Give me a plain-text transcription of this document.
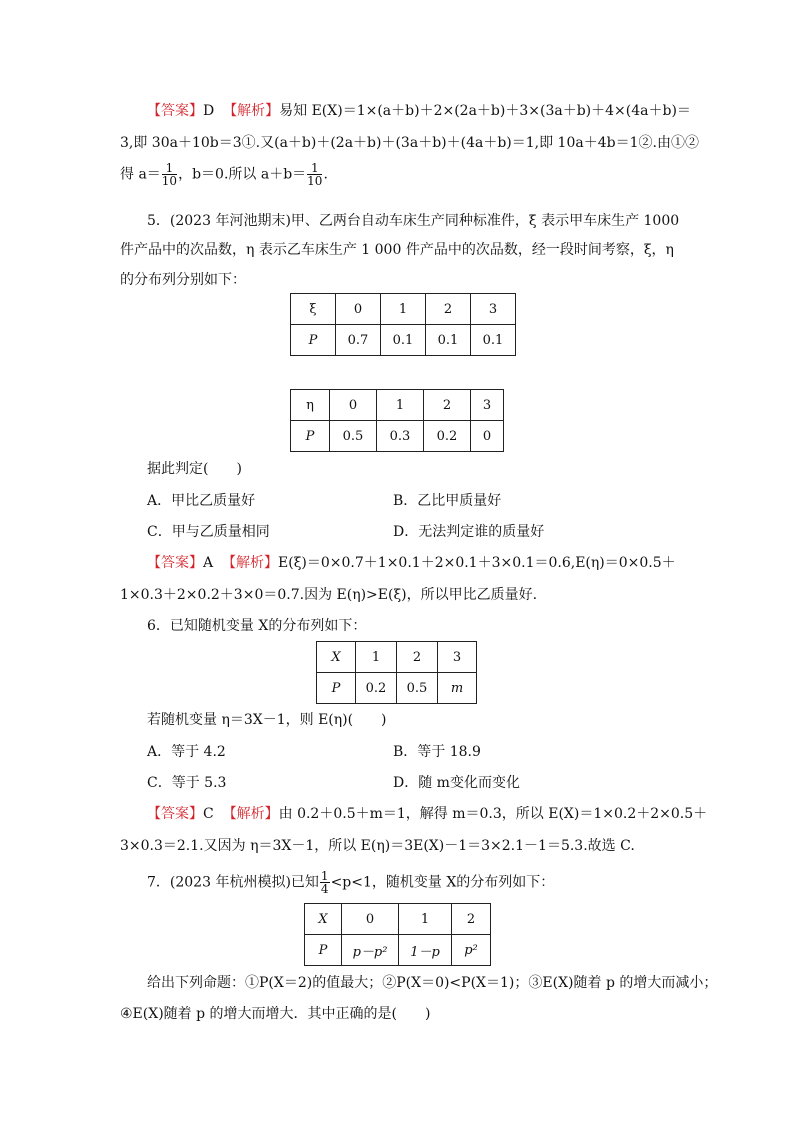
【答案】D 【解析】易知 E(X)＝1×(a＋b)＋2×(2a＋b)＋3×(3a＋b)＋4×(4a＋b)＝
3,即 30a＋10b＝3①.又(a＋b)＋(2a＋b)＋(3a＋b)＋(4a＋b)＝1,即 10a＋4b＝1②.由①②
得 $a= \frac{1}{10}$ ，b＝0.所以 $a+b= \frac{1}{10}$ .
5．(2023 年河池期末)甲、乙两台自动车床生产同种标准件，ξ 表示甲车床生产 1000
件产品中的次品数，η 表示乙车床生产 1 000 件产品中的次品数，经一段时间考察，ξ，η
的分布列分别如下：
ξ	0	1	2	3
P	0.7	0.1	0.1	0.1
η	0	1	2	3
P	0.5	0.3	0.2	0
据此判定(　　)
A．甲比乙质量好	B．乙比甲质量好
C．甲与乙质量相同	D．无法判定谁的质量好
【答案】A 【解析】E(ξ)＝0×0.7＋1×0.1＋2×0.1＋3×0.1＝0.6,E(η)＝0×0.5＋
1×0.3＋2×0.2＋3×0＝0.7.因为 E(η)>E(ξ)，所以甲比乙质量好.
6．已知随机变量 X的分布列如下：
X	1	2	3
P	0.2	0.5	m
若随机变量 η＝3X－1，则 E(η)(　　)
A．等于 4.2	B．等于 18.9
C．等于 5.3	D．随 m变化而变化
【答案】C 【解析】由 0.2＋0.5＋m＝1，解得 m＝0.3，所以 E(X)＝1×0.2＋2×0.5＋
3×0.3＝2.1.又因为 η＝3X－1，所以 E(η)＝3E(X)－1＝3×2.1－1＝5.3.故选 C.
7．(2023 年杭州模拟)已知 $\frac{1}{4} <p<1$，随机变量 X的分布列如下：
X	0	1	2
P	p－p²	1－p	p²
给出下列命题：①P(X＝2)的值最大；②P(X＝0)<P(X＝1)；③E(X)随着 p 的增大而减小；
④E(X)随着 p 的增大而增大．其中正确的是(　　)
